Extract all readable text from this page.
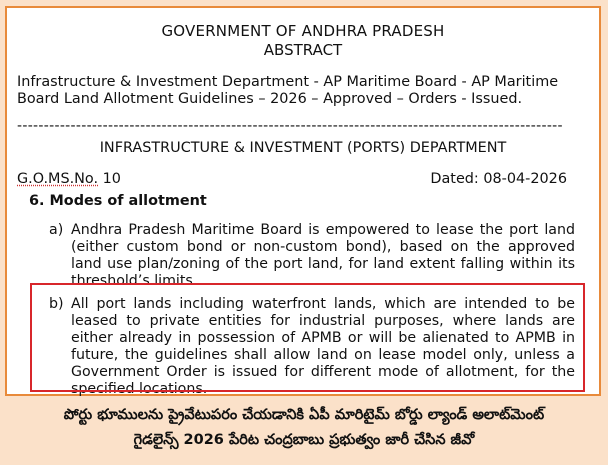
GOVERNMENT OF ANDHRA PRADESH
ABSTRACT
Infrastructure & Investment Department - AP Maritime Board - AP Maritime
Board Land Allotment Guidelines – 2026 – Approved – Orders - Issued.
------------------------------------------------------------------------------------------------------
INFRASTRUCTURE & INVESTMENT (PORTS) DEPARTMENT
G.O.MS.No. 10	Dated: 08-04-2026
6. Modes of allotment
a) Andhra Pradesh Maritime Board is empowered to lease the port land (either custom bond or non-custom bond), based on the approved land use plan/zoning of the port land, for land extent falling within its threshold’s limits.
b) All port lands including waterfront lands, which are intended to be leased to private entities for industrial purposes, where lands are either already in possession of APMB or will be alienated to APMB in future, the guidelines shall allow land on lease model only, unless a Government Order is issued for different mode of allotment, for the specified locations.
పోర్టు భూములను ప్రైవేటుపరం చేయడానికి ఏపీ మారిటైమ్ బోర్డు ల్యాండ్ అలాట్‌మెంట్
గైడలైన్స్ 2026 పేరిట చంద్రబాబు ప్రభుత్వం జారీ చేసిన జీవో
